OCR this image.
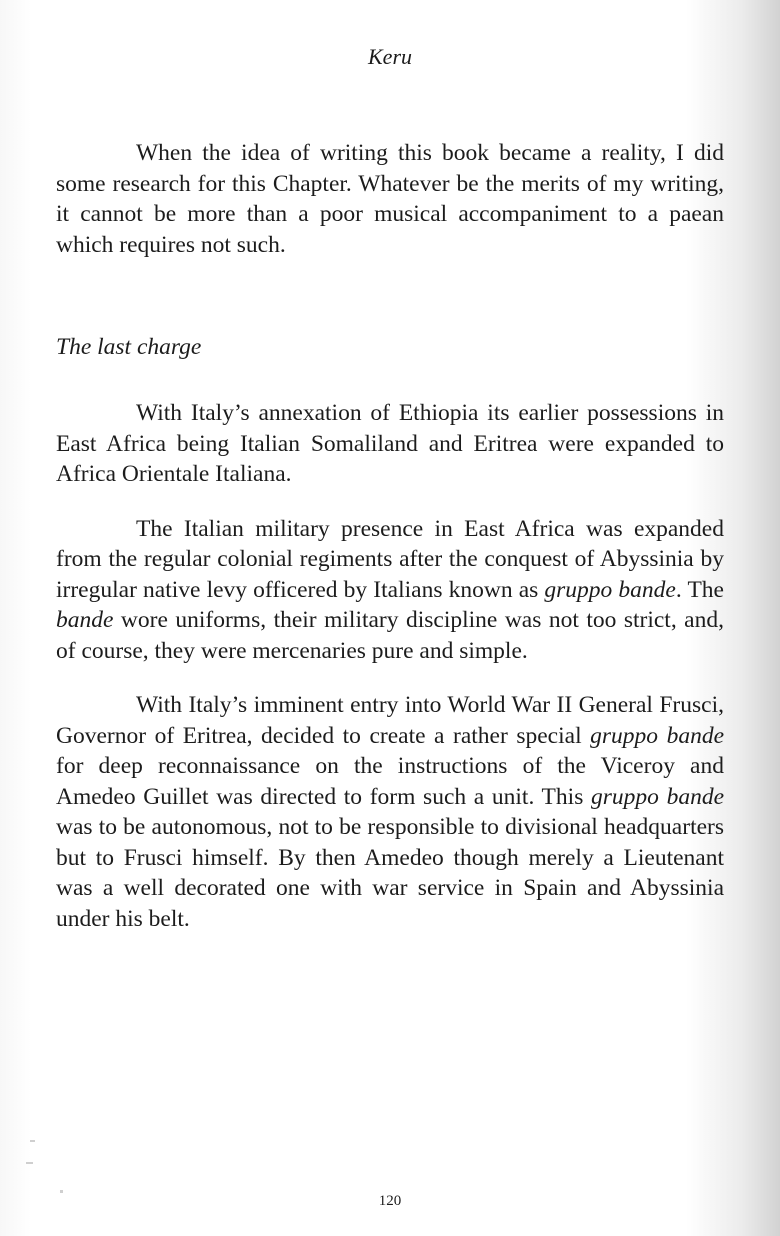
Keru

When the idea of writing this book became a reality, I did some research for this Chapter. Whatever be the merits of my writing, it cannot be more than a poor musical accompaniment to a paean which requires not such.

The last charge

With Italy’s annexation of Ethiopia its earlier possessions in East Africa being Italian Somaliland and Eritrea were expanded to Africa Orientale Italiana.

The Italian military presence in East Africa was expanded from the regular colonial regiments after the conquest of Abyssinia by irregular native levy officered by Italians known as gruppo bande. The bande wore uniforms, their military discipline was not too strict, and, of course, they were mercenaries pure and simple.

With Italy’s imminent entry into World War II General Frusci, Governor of Eritrea, decided to create a rather special gruppo bande for deep reconnaissance on the instructions of the Viceroy and Amedeo Guillet was directed to form such a unit. This gruppo bande was to be autonomous, not to be responsible to divisional headquarters but to Frusci himself. By then Amedeo though merely a Lieutenant was a well decorated one with war service in Spain and Abyssinia under his belt.

120
